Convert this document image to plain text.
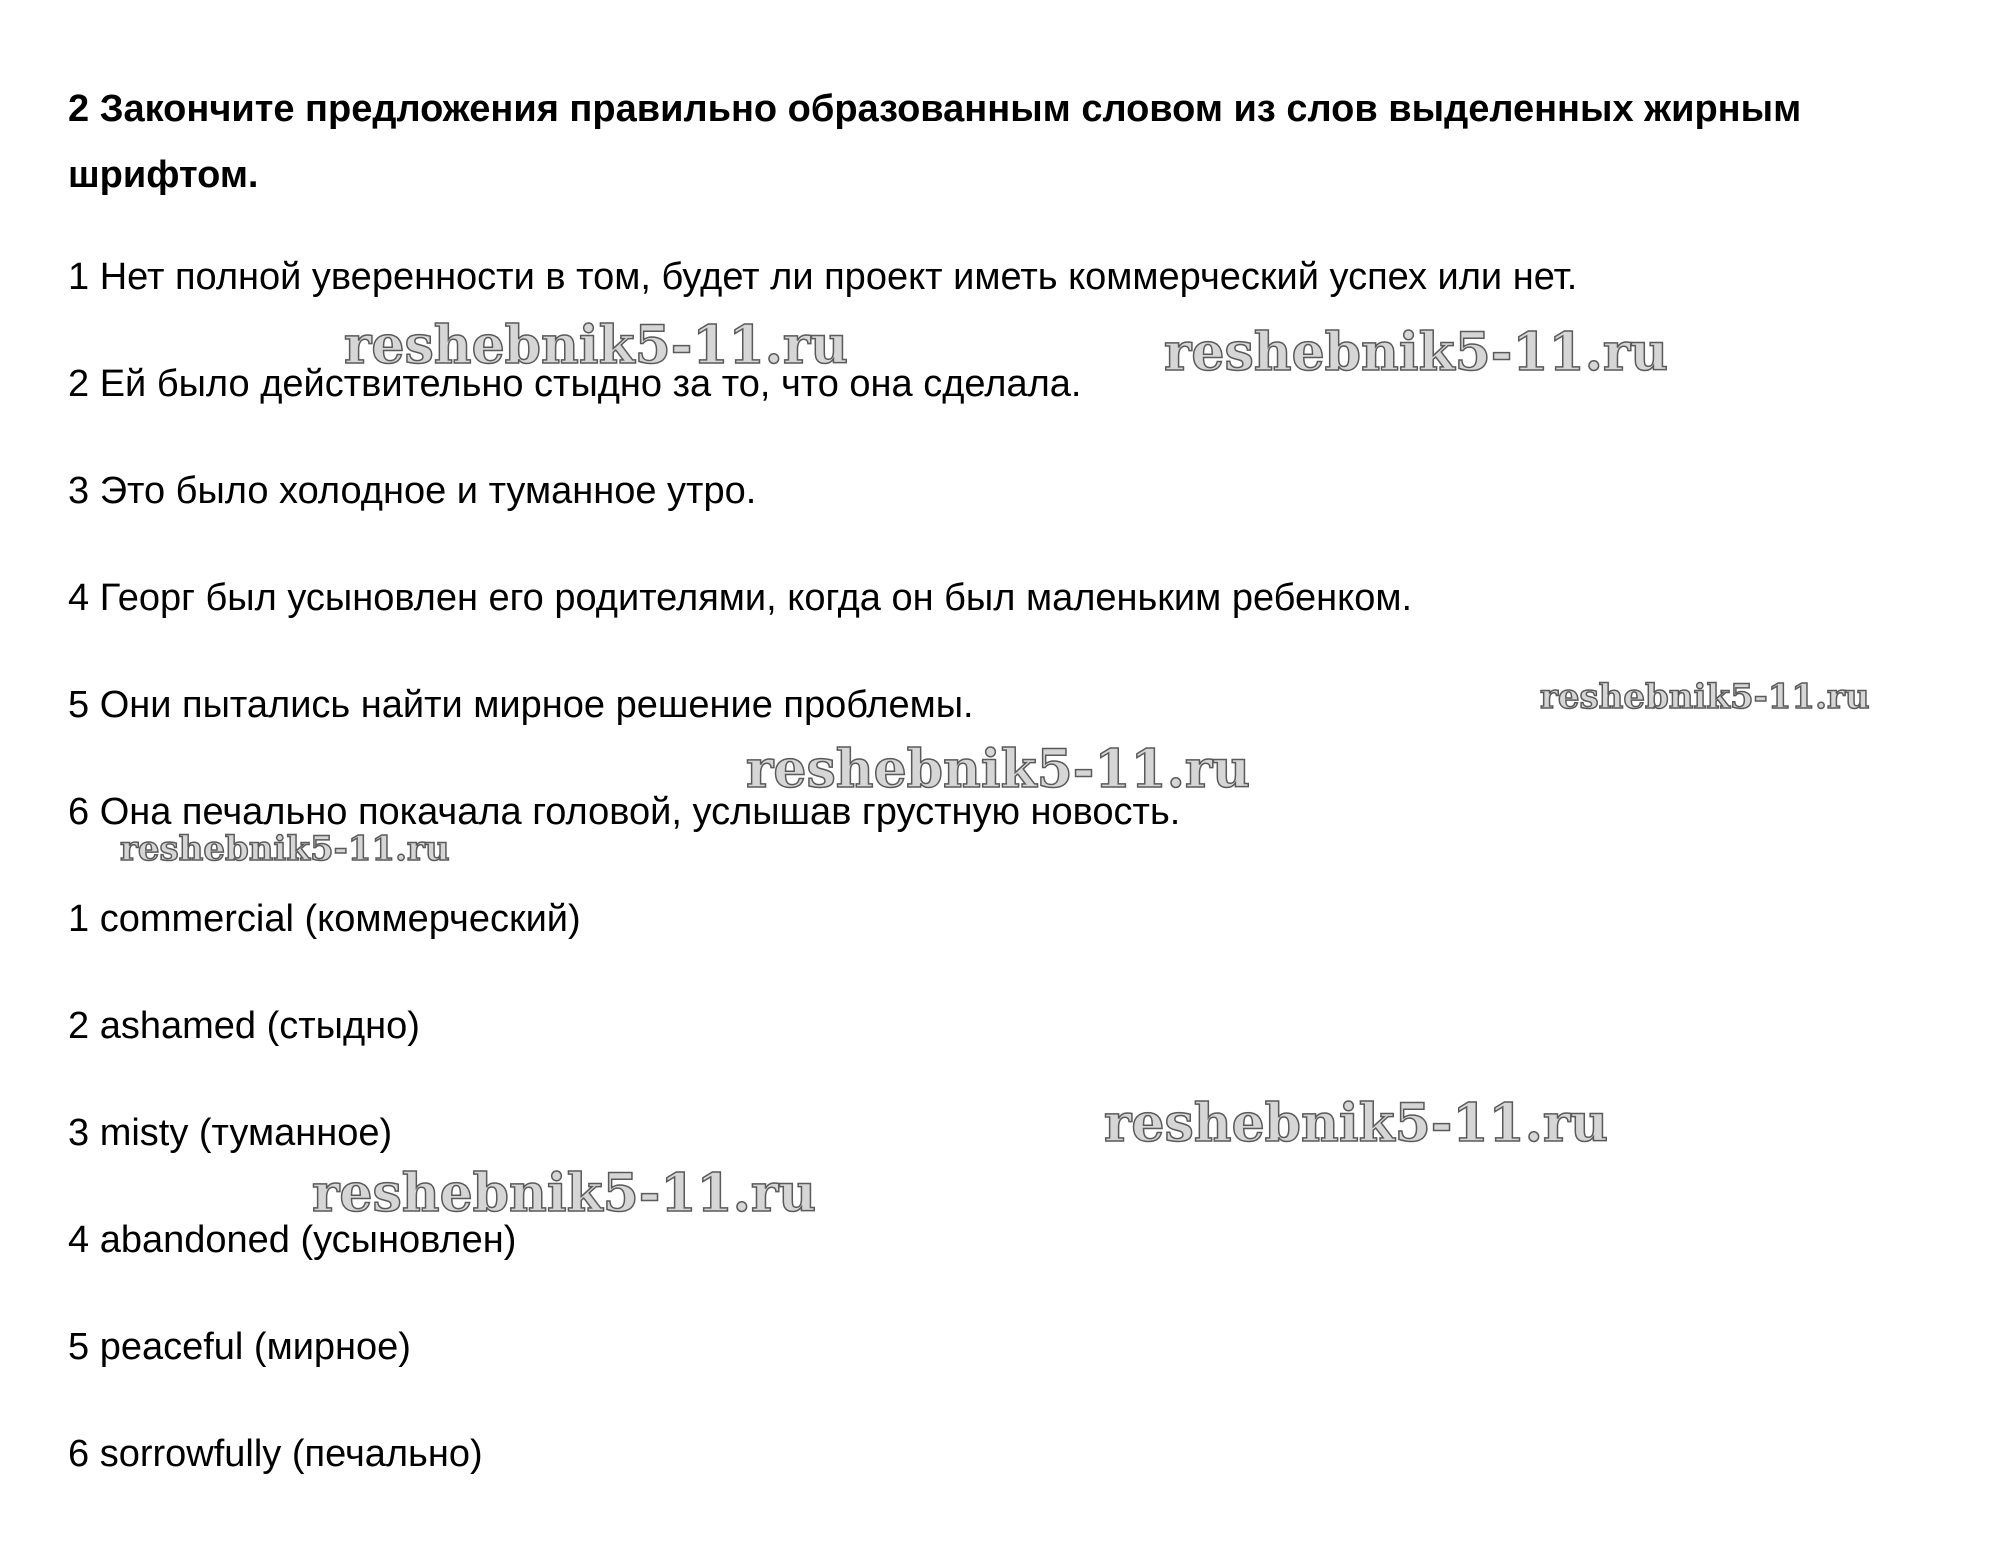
2 Закончите предложения правильно образованным словом из слов выделенных жирным шрифтом.

1 Нет полной уверенности в том, будет ли проект иметь коммерческий успех или нет.

2 Ей было действительно стыдно за то, что она сделала.

3 Это было холодное и туманное утро.

4 Георг был усыновлен его родителями, когда он был маленьким ребенком.

5 Они пытались найти мирное решение проблемы.

6 Она печально покачала головой, услышав грустную новость.

1 commercial (коммерческий)

2 ashamed (стыдно)

3 misty (туманное)

4 abandoned (усыновлен)

5 peaceful (мирное)

6 sorrowfully (печально)

reshebnik5-11.ru	reshebnik5-11.ru
reshebnik5-11.ru
reshebnik5-11.ru
reshebnik5-11.ru
reshebnik5-11.ru
reshebnik5-11.ru
